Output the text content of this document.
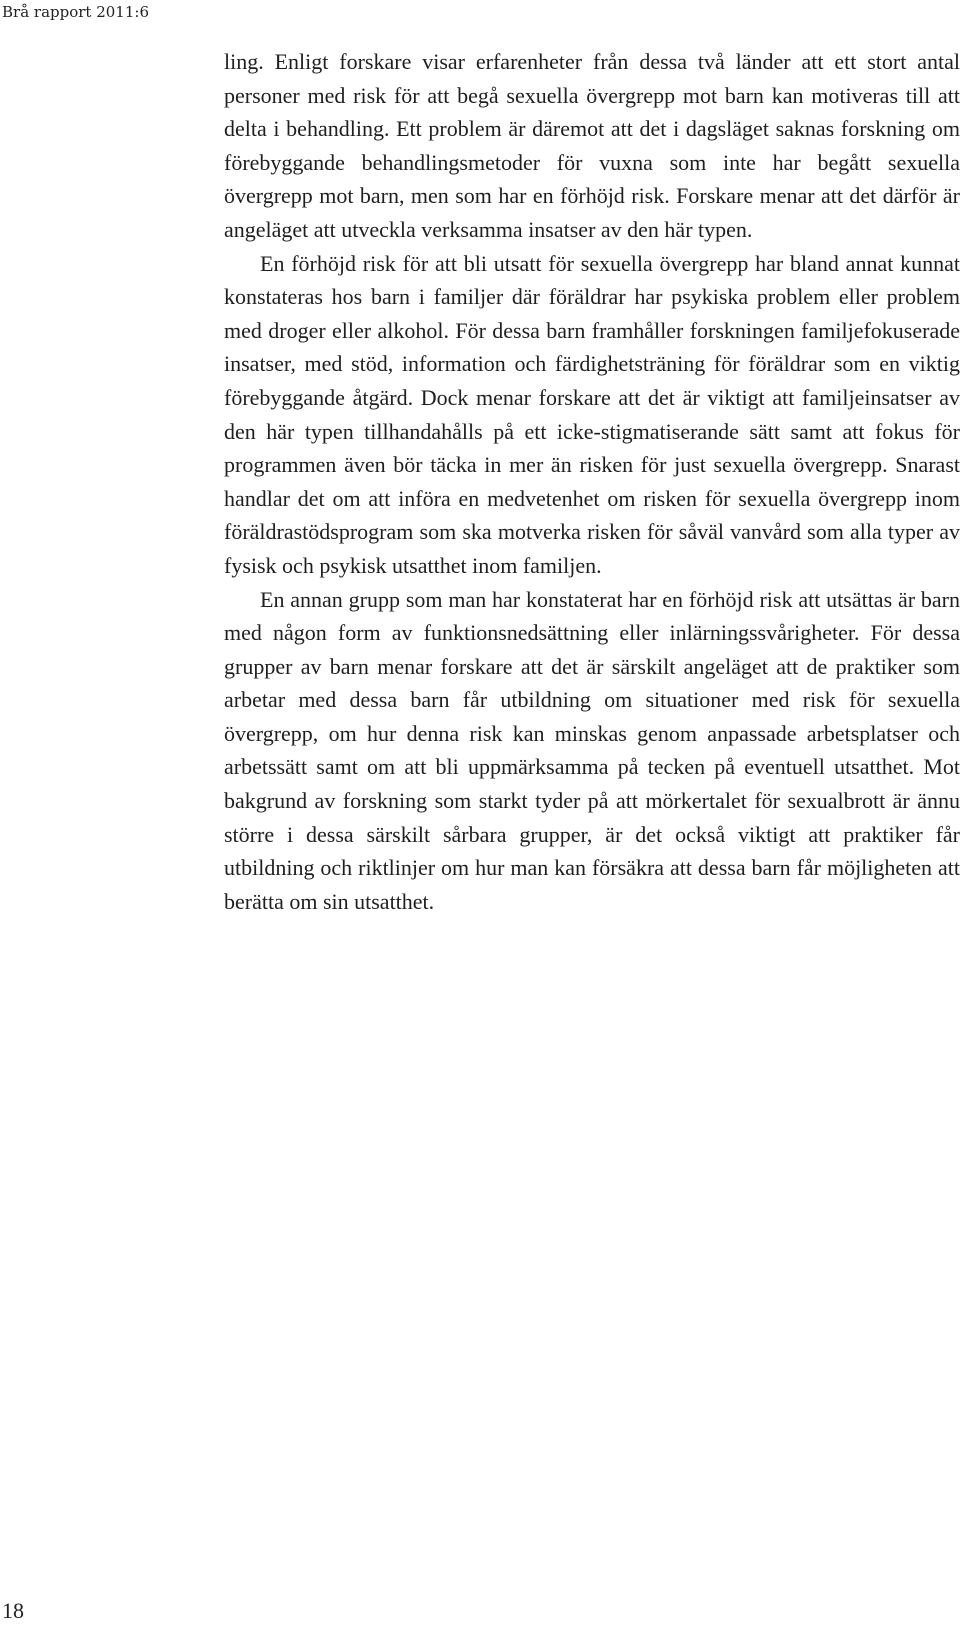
Brå rapport 2011:6

ling. Enligt forskare visar erfarenheter från dessa två länder att ett stort antal personer med risk för att begå sexuella övergrepp mot barn kan motiveras till att delta i behandling. Ett problem är däremot att det i dagsläget saknas forskning om förebyggande behandlingsmetoder för vuxna som inte har begått sexuella övergrepp mot barn, men som har en förhöjd risk. Forskare menar att det därför är angeläget att utveckla verksamma insatser av den här typen.

En förhöjd risk för att bli utsatt för sexuella övergrepp har bland annat kunnat konstateras hos barn i familjer där föräldrar har psykiska problem eller problem med droger eller alkohol. För dessa barn framhåller forskningen familjefokuserade insatser, med stöd, information och färdighetsträning för föräldrar som en viktig förebyggande åtgärd. Dock menar forskare att det är viktigt att familjeinsatser av den här typen tillhandahålls på ett icke-stigmatiserande sätt samt att fokus för programmen även bör täcka in mer än risken för just sexuella övergrepp. Snarast handlar det om att införa en medvetenhet om risken för sexuella övergrepp inom föräldrastödsprogram som ska motverka risken för såväl vanvård som alla typer av fysisk och psykisk utsatthet inom familjen.

En annan grupp som man har konstaterat har en förhöjd risk att utsättas är barn med någon form av funktionsnedsättning eller inlärningssvårigheter. För dessa grupper av barn menar forskare att det är särskilt angeläget att de praktiker som arbetar med dessa barn får utbildning om situationer med risk för sexuella övergrepp, om hur denna risk kan minskas genom anpassade arbetsplatser och arbetssätt samt om att bli uppmärksamma på tecken på eventuell utsatthet. Mot bakgrund av forskning som starkt tyder på att mörkertalet för sexualbrott är ännu större i dessa särskilt sårbara grupper, är det också viktigt att praktiker får utbildning och riktlinjer om hur man kan försäkra att dessa barn får möjligheten att berätta om sin utsatthet.

18
